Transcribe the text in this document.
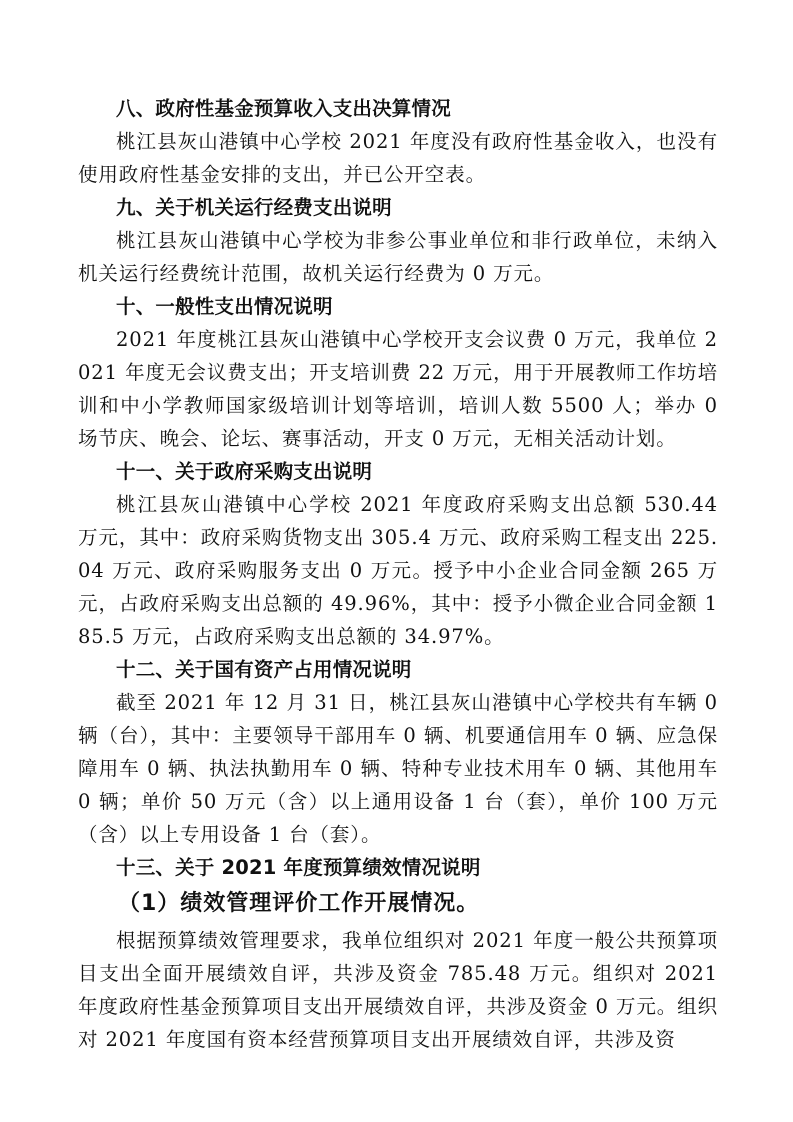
八、政府性基金预算收入支出决算情况

桃江县灰山港镇中心学校 2021 年度没有政府性基金收入，也没有使用政府性基金安排的支出，并已公开空表。

九、关于机关运行经费支出说明

桃江县灰山港镇中心学校为非参公事业单位和非行政单位，未纳入机关运行经费统计范围，故机关运行经费为 0 万元。

十、一般性支出情况说明

2021 年度桃江县灰山港镇中心学校开支会议费 0 万元，我单位 2021 年度无会议费支出；开支培训费 22 万元，用于开展教师工作坊培训和中小学教师国家级培训计划等培训，培训人数 5500 人；举办 0 场节庆、晚会、论坛、赛事活动，开支 0 万元，无相关活动计划。

十一、关于政府采购支出说明

桃江县灰山港镇中心学校 2021 年度政府采购支出总额 530.44 万元，其中：政府采购货物支出 305.4 万元、政府采购工程支出 225.04 万元、政府采购服务支出 0 万元。授予中小企业合同金额 265 万元，占政府采购支出总额的 49.96%，其中：授予小微企业合同金额 185.5 万元，占政府采购支出总额的 34.97%。

十二、关于国有资产占用情况说明

截至 2021 年 12 月 31 日，桃江县灰山港镇中心学校共有车辆 0 辆（台），其中：主要领导干部用车 0 辆、机要通信用车 0 辆、应急保障用车 0 辆、执法执勤用车 0 辆、特种专业技术用车 0 辆、其他用车 0 辆；单价 50 万元（含）以上通用设备 1 台（套），单价 100 万元（含）以上专用设备 1 台（套）。

十三、关于 2021 年度预算绩效情况说明
（1）绩效管理评价工作开展情况。

根据预算绩效管理要求，我单位组织对 2021 年度一般公共预算项目支出全面开展绩效自评，共涉及资金 785.48 万元。组织对 2021 年度政府性基金预算项目支出开展绩效自评，共涉及资金 0 万元。组织对 2021 年度国有资本经营预算项目支出开展绩效自评，共涉及资
